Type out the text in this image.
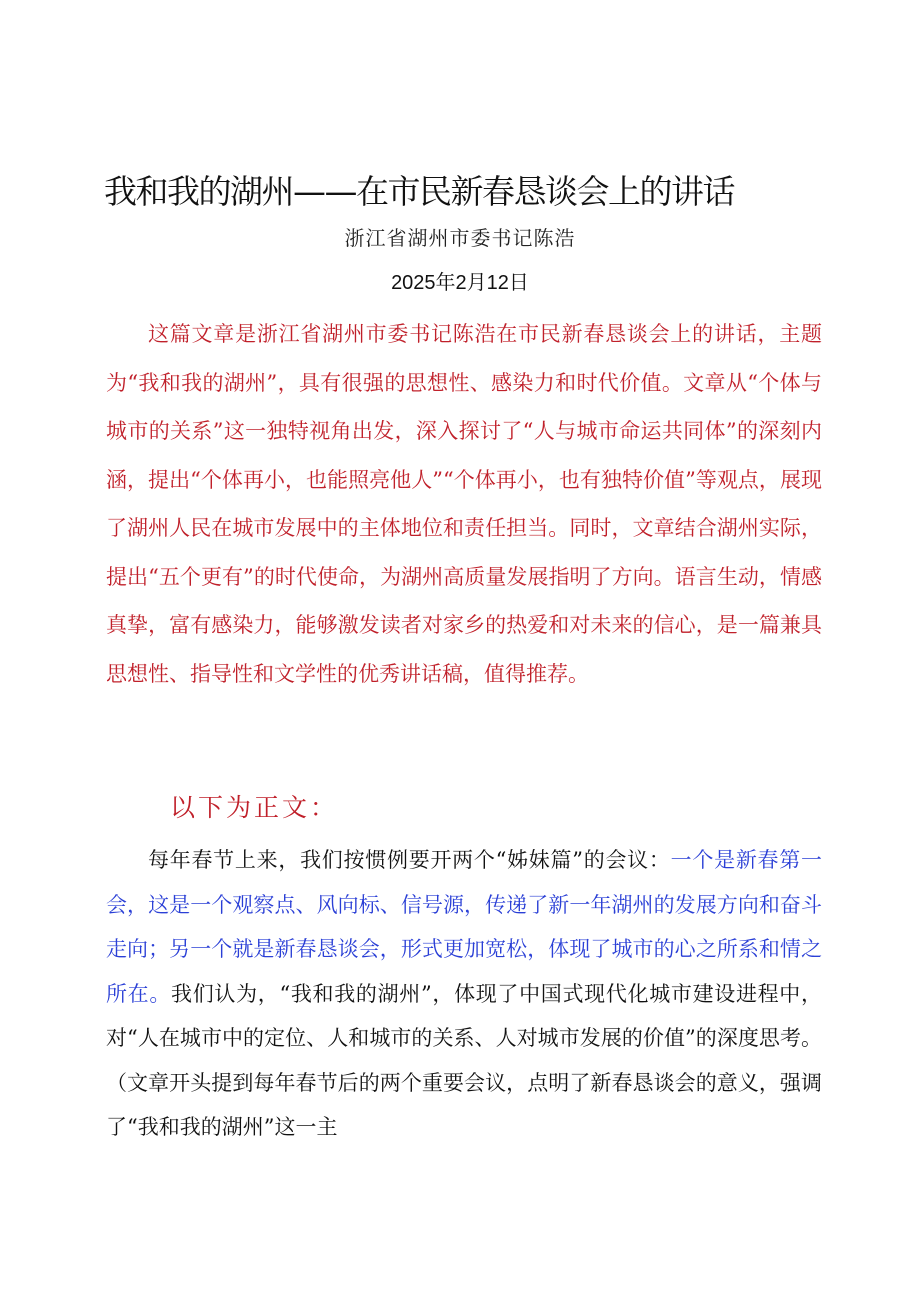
我和我的湖州——在市民新春恳谈会上的讲话
浙江省湖州市委书记陈浩
2025年2月12日

这篇文章是浙江省湖州市委书记陈浩在市民新春恳谈会上的讲话，主题为“我和我的湖州”，具有很强的思想性、感染力和时代价值。文章从“个体与城市的关系”这一独特视角出发，深入探讨了“人与城市命运共同体”的深刻内涵，提出“个体再小，也能照亮他人”“个体再小，也有独特价值”等观点，展现了湖州人民在城市发展中的主体地位和责任担当。同时，文章结合湖州实际，提出“五个更有”的时代使命，为湖州高质量发展指明了方向。语言生动，情感真挚，富有感染力，能够激发读者对家乡的热爱和对未来的信心，是一篇兼具思想性、指导性和文学性的优秀讲话稿，值得推荐。

以下为正文：

每年春节上来，我们按惯例要开两个“姊妹篇”的会议：一个是新春第一会，这是一个观察点、风向标、信号源，传递了新一年湖州的发展方向和奋斗走向；另一个就是新春恳谈会，形式更加宽松，体现了城市的心之所系和情之所在。我们认为，“我和我的湖州”，体现了中国式现代化城市建设进程中，对“人在城市中的定位、人和城市的关系、人对城市发展的价值”的深度思考。（文章开头提到每年春节后的两个重要会议，点明了新春恳谈会的意义，强调了“我和我的湖州”这一主
